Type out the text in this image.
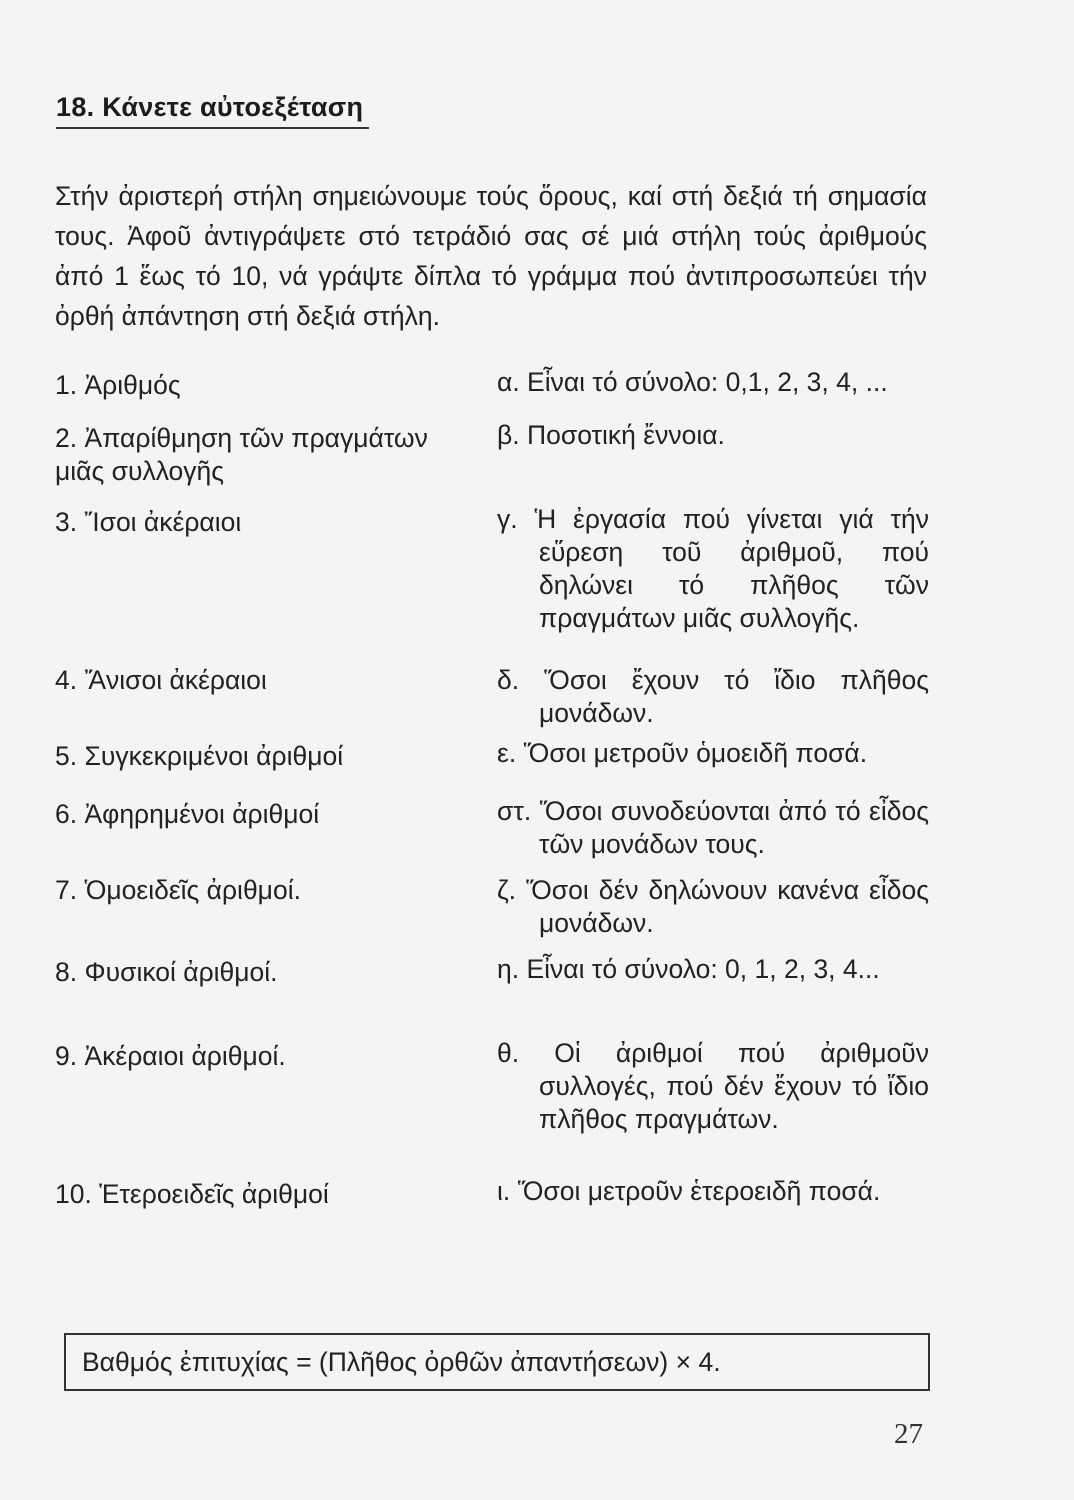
18. Κάνετε αὐτοεξέταση
Στήν ἀριστερή στήλη σημειώνουμε τούς ὅρους, καί στή δεξιά τή σημασία τους. Ἀφοῦ ἀντιγράψετε στό τετράδιό σας σέ μιά στήλη τούς ἀριθμούς ἀπό 1 ἕως τό 10, νά γράψτε δίπλα τό γράμμα πού ἀντιπροσωπεύει τήν ὀρθή ἀπάντηση στή δεξιά στήλη.
1. Ἀριθμός
2. Ἀπαρίθμηση τῶν πραγμάτων μιᾶς συλλογῆς
3. Ἴσοι ἀκέραιοι
4. Ἄνισοι ἀκέραιοι
5. Συγκεκριμένοι ἀριθμοί
6. Ἀφηρημένοι ἀριθμοί
7. Ὁμοειδεῖς ἀριθμοί.
8. Φυσικοί ἀριθμοί.
9. Ἀκέραιοι ἀριθμοί.
10. Ἑτεροειδεῖς ἀριθμοί
α. Εἶναι τό σύνολο: 0,1, 2, 3, 4, ...
β. Ποσοτική ἔννοια.
γ. Ἡ ἐργασία πού γίνεται γιά τήν εὕρεση τοῦ ἀριθμοῦ, πού δηλώνει τό πλῆθος τῶν πραγμάτων μιᾶς συλλογῆς.
δ. Ὅσοι ἔχουν τό ἴδιο πλῆθος μονάδων.
ε. Ὅσοι μετροῦν ὁμοειδῆ ποσά.
στ. Ὅσοι συνοδεύονται ἀπό τό εἶδος τῶν μονάδων τους.
ζ. Ὅσοι δέν δηλώνουν κανένα εἶδος μονάδων.
η. Εἶναι τό σύνολο: 0, 1, 2, 3, 4...
θ. Οἱ ἀριθμοί πού ἀριθμοῦν συλλογές, πού δέν ἔχουν τό ἴδιο πλῆθος πραγμάτων.
ι. Ὅσοι μετροῦν ἑτεροειδῆ ποσά.
Βαθμός ἐπιτυχίας = (Πλῆθος ὀρθῶν ἀπαντήσεων) × 4.
27
